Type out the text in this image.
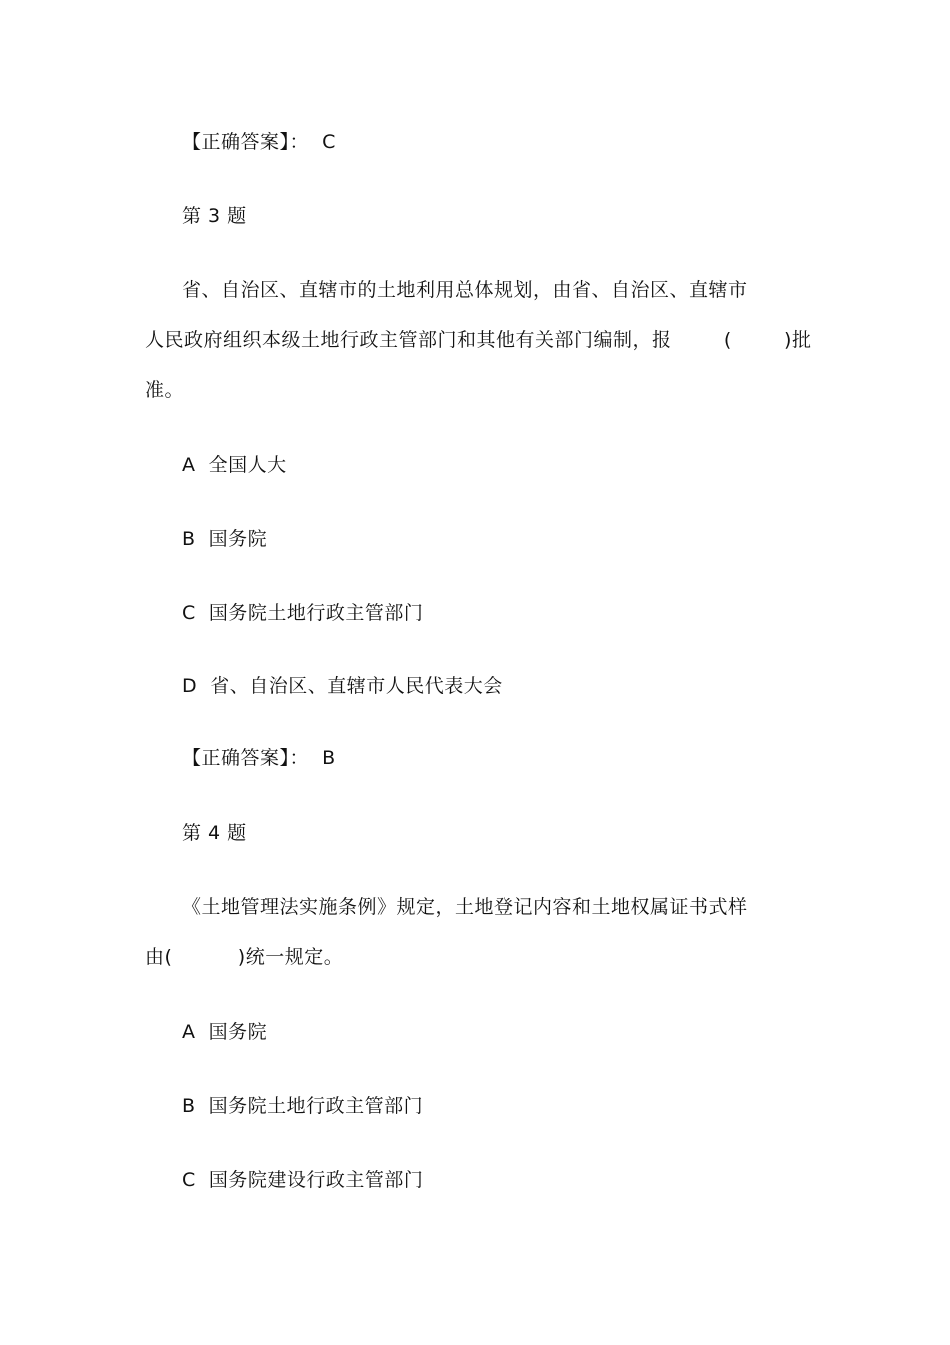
【正确答案】：  C
第 3 题
省、自治区、直辖市的土地利用总体规划，由省、自治区、直辖市
人民政府组织本级土地行政主管部门和其他有关部门编制，报        (        )批
准。
A  全国人大
B  国务院
C  国务院土地行政主管部门
D  省、自治区、直辖市人民代表大会
【正确答案】：  B
第 4 题
《土地管理法实施条例》规定，土地登记内容和土地权属证书式样
由(          )统一规定。
A  国务院
B  国务院土地行政主管部门
C  国务院建设行政主管部门
